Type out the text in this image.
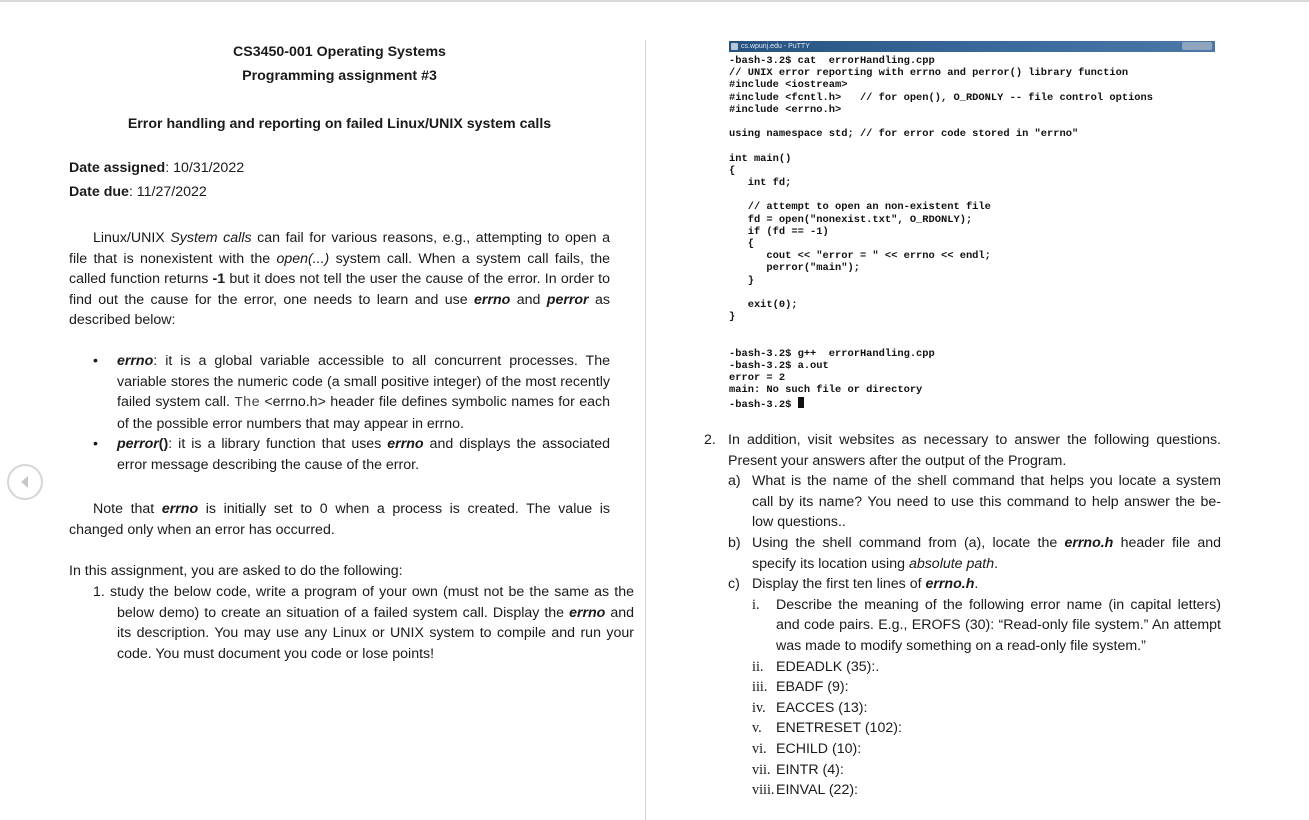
CS3450-001 Operating Systems
Programming assignment #3
Error handling and reporting on failed Linux/UNIX system calls
Date assigned: 10/31/2022
Date due: 11/27/2022

Linux/UNIX System calls can fail for various reasons, e.g., attempting to open a file that is nonexistent with the open(...) system call. When a system call fails, the called function returns -1 but it does not tell the user the cause of the error. In order to find out the cause for the error, one needs to learn and use errno and perror as described below:

• errno: it is a global variable accessible to all concurrent processes. The variable stores the numeric code (a small positive integer) of the most recently failed system call. The <errno.h> header file defines symbolic names for each of the possible error numbers that may appear in errno.
• perror(): it is a library function that uses errno and displays the associated error message describing the cause of the error.

Note that errno is initially set to 0 when a process is created. The value is changed only when an error has occurred.

In this assignment, you are asked to do the following:

1. study the below code, write a program of your own (must not be the same as the below demo) to create an situation of a failed system call. Display the errno and its description. You may use any Linux or UNIX system to compile and run your code. You must document you code or lose points!

cs.wpunj.edu - PuTTY
-bash-3.2$ cat  errorHandling.cpp
// UNIX error reporting with errno and perror() library function
#include <iostream>
#include <fcntl.h>   // for open(), O_RDONLY -- file control options
#include <errno.h>

using namespace std; // for error code stored in "errno"

int main()
{
int fd;

// attempt to open an non-existent file
fd = open("nonexist.txt", O_RDONLY);
if (fd == -1)
{
cout << "error = " << errno << endl;
perror("main");
}

exit(0);
}

-bash-3.2$ g++  errorHandling.cpp
-bash-3.2$ a.out
error = 2
main: No such file or directory
-bash-3.2$
2. In addition, visit websites as necessary to answer the following questions. Present your answers after the output of the Program.
a) What is the name of the shell command that helps you locate a system call by its name? You need to use this command to help answer the be-low questions..
b) Using the shell command from (a), locate the errno.h header file and specify its location using absolute path.
c) Display the first ten lines of errno.h.
i. Describe the meaning of the following error name (in capital letters) and code pairs. E.g., EROFS (30): “Read-only file system.” An attempt was made to modify something on a read-only file system.”
ii. EDEADLK (35):.
iii. EBADF (9):
iv. EACCES (13):
v. ENETRESET (102):
vi. ECHILD (10):
vii. EINTR (4):
viii. EINVAL (22):
